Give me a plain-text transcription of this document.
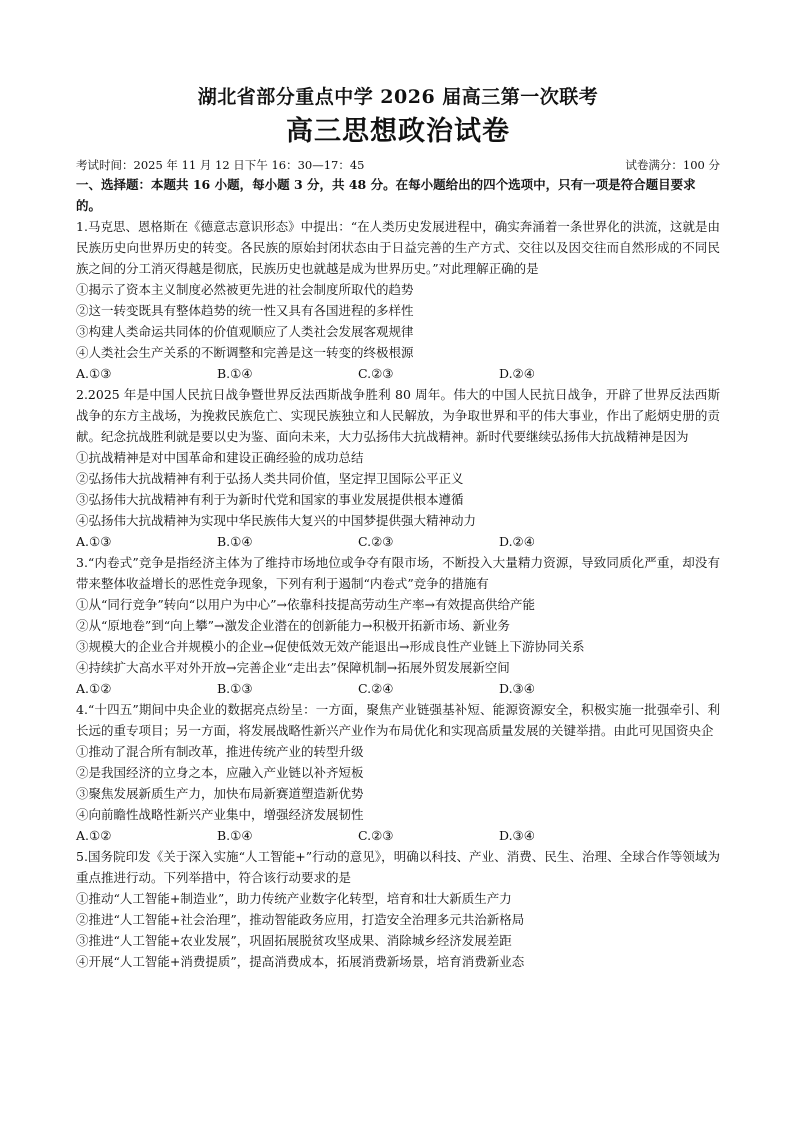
湖北省部分重点中学 2026 届高三第一次联考
高三思想政治试卷
考试时间：2025 年 11 月 12 日下午 16：30—17：45	试卷满分：100 分

一、选择题：本题共 16 小题，每小题 3 分，共 48 分。在每小题给出的四个选项中，只有一项是符合题目要求的。

1.马克思、恩格斯在《德意志意识形态》中提出：“在人类历史发展进程中，确实奔涌着一条世界化的洪流，这就是由民族历史向世界历史的转变。各民族的原始封闭状态由于日益完善的生产方式、交往以及因交往而自然形成的不同民族之间的分工消灭得越是彻底，民族历史也就越是成为世界历史。”对此理解正确的是

①揭示了资本主义制度必然被更先进的社会制度所取代的趋势

②这一转变既具有整体趋势的统一性又具有各国进程的多样性

③构建人类命运共同体的价值观顺应了人类社会发展客观规律

④人类社会生产关系的不断调整和完善是这一转变的终极根源

A.①③	B.①④	C.②③	D.②④

2.2025 年是中国人民抗日战争暨世界反法西斯战争胜利 80 周年。伟大的中国人民抗日战争，开辟了世界反法西斯战争的东方主战场，为挽救民族危亡、实现民族独立和人民解放，为争取世界和平的伟大事业，作出了彪炳史册的贡献。纪念抗战胜利就是要以史为鉴、面向未来，大力弘扬伟大抗战精神。新时代要继续弘扬伟大抗战精神是因为

①抗战精神是对中国革命和建设正确经验的成功总结

②弘扬伟大抗战精神有利于弘扬人类共同价值，坚定捍卫国际公平正义

③弘扬伟大抗战精神有利于为新时代党和国家的事业发展提供根本遵循

④弘扬伟大抗战精神为实现中华民族伟大复兴的中国梦提供强大精神动力

A.①③	B.①④	C.②③	D.②④

3.“内卷式”竞争是指经济主体为了维持市场地位或争夺有限市场，不断投入大量精力资源，导致同质化严重，却没有带来整体收益增长的恶性竞争现象，下列有利于遏制“内卷式”竞争的措施有

①从“同行竞争”转向“以用户为中心”→依靠科技提高劳动生产率→有效提高供给产能

②从“原地卷”到“向上攀”→激发企业潜在的创新能力→积极开拓新市场、新业务

③规模大的企业合并规模小的企业→促使低效无效产能退出→形成良性产业链上下游协同关系

④持续扩大高水平对外开放→完善企业“走出去”保障机制→拓展外贸发展新空间

A.①②	B.①③	C.②④	D.③④

4.“十四五”期间中央企业的数据亮点纷呈：一方面，聚焦产业链强基补短、能源资源安全，积极实施一批强牵引、利长远的重专项目；另一方面，将发展战略性新兴产业作为布局优化和实现高质量发展的关键举措。由此可见国资央企

①推动了混合所有制改革，推进传统产业的转型升级

②是我国经济的立身之本，应融入产业链以补齐短板

③聚焦发展新质生产力，加快布局新赛道塑造新优势

④向前瞻性战略性新兴产业集中，增强经济发展韧性

A.①②	B.①④	C.②③	D.③④

5.国务院印发《关于深入实施“人工智能+”行动的意见》，明确以科技、产业、消费、民生、治理、全球合作等领域为重点推进行动。下列举措中，符合该行动要求的是

①推动“人工智能+制造业”，助力传统产业数字化转型，培育和壮大新质生产力

②推进“人工智能+社会治理”，推动智能政务应用，打造安全治理多元共治新格局

③推进“人工智能+农业发展”，巩固拓展脱贫攻坚成果、消除城乡经济发展差距

④开展“人工智能+消费提质”，提高消费成本，拓展消费新场景，培育消费新业态
